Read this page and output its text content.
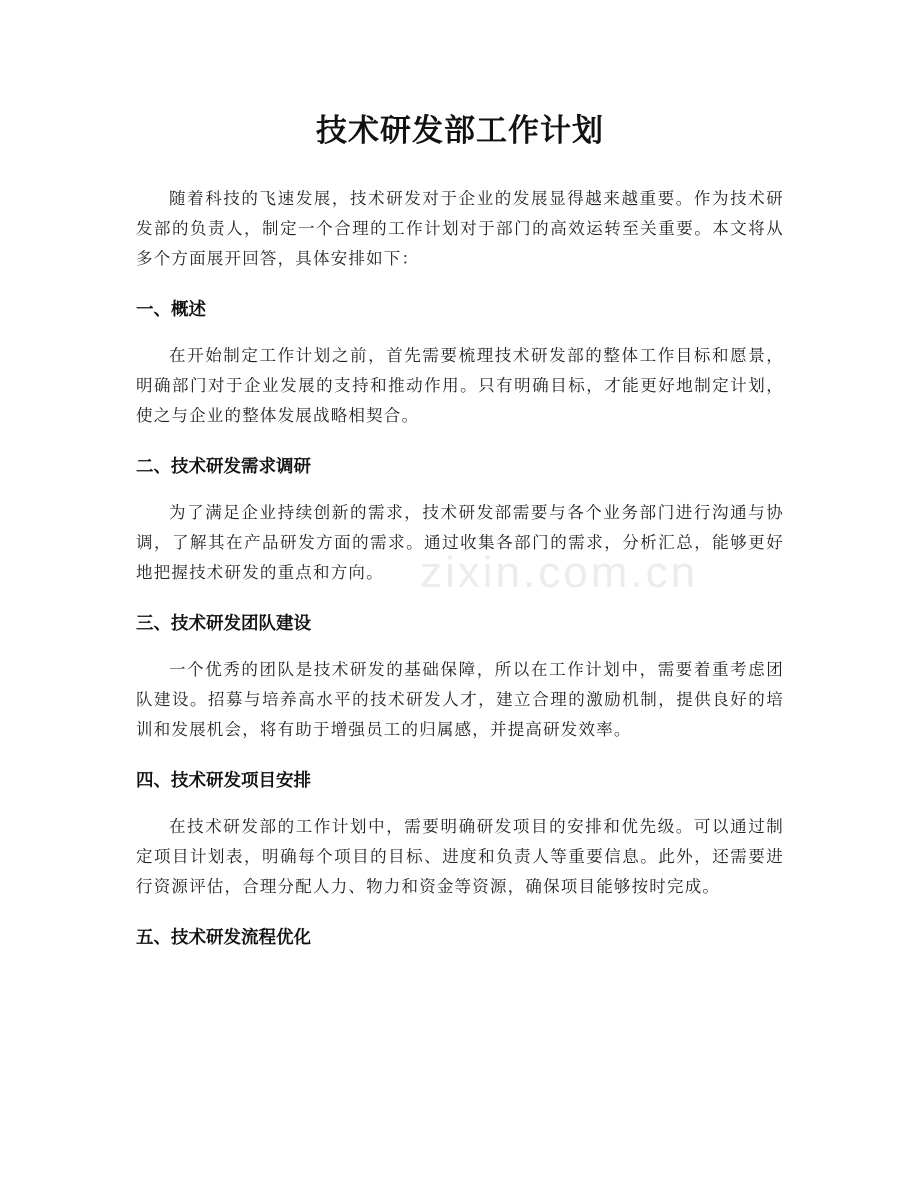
技术研发部工作计划

随着科技的飞速发展，技术研发对于企业的发展显得越来越重要。作为技术研发部的负责人，制定一个合理的工作计划对于部门的高效运转至关重要。本文将从多个方面展开回答，具体安排如下：

一、概述

在开始制定工作计划之前，首先需要梳理技术研发部的整体工作目标和愿景，明确部门对于企业发展的支持和推动作用。只有明确目标，才能更好地制定计划，使之与企业的整体发展战略相契合。

二、技术研发需求调研

为了满足企业持续创新的需求，技术研发部需要与各个业务部门进行沟通与协调，了解其在产品研发方面的需求。通过收集各部门的需求，分析汇总，能够更好地把握技术研发的重点和方向。

三、技术研发团队建设

一个优秀的团队是技术研发的基础保障，所以在工作计划中，需要着重考虑团队建设。招募与培养高水平的技术研发人才，建立合理的激励机制，提供良好的培训和发展机会，将有助于增强员工的归属感，并提高研发效率。

四、技术研发项目安排

在技术研发部的工作计划中，需要明确研发项目的安排和优先级。可以通过制定项目计划表，明确每个项目的目标、进度和负责人等重要信息。此外，还需要进行资源评估，合理分配人力、物力和资金等资源，确保项目能够按时完成。

五、技术研发流程优化
zixin.com.cn
